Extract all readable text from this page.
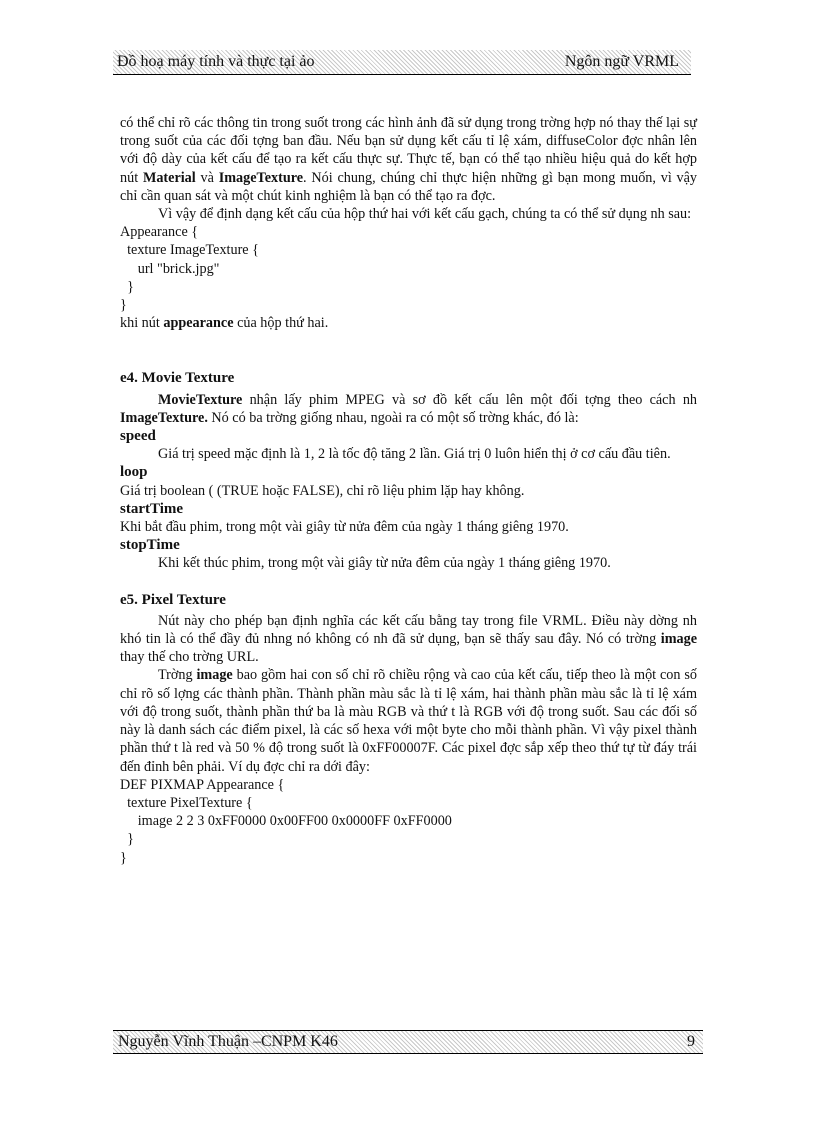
Đồ hoạ máy tính và thực tại ảo	Ngôn ngữ VRML

có thể chỉ rõ các thông tin trong suốt trong các hình ảnh đã sử dụng trong trờng hợp nó thay thế lại sự trong suốt của các đối tợng ban đầu. Nếu bạn sử dụng kết cấu tỉ lệ xám, diffuseColor đợc nhân lên với độ dày của kết cấu để tạo ra kết cấu thực sự. Thực tế, bạn có thể tạo nhiều hiệu quả do kết hợp nút Material và ImageTexture. Nói chung, chúng chỉ thực hiện những gì bạn mong muốn, vì vậy chỉ cần quan sát và một chút kinh nghiệm là bạn có thể tạo ra đợc.

Vì vậy để định dạng kết cấu của hộp thứ hai với kết cấu gạch, chúng ta có thể sử dụng nh sau:

Appearance {
texture ImageTexture {
url "brick.jpg"
}
}

khi nút appearance của hộp thứ hai.

e4. Movie Texture

MovieTexture nhận lấy phim MPEG và sơ đồ kết cấu lên một đối tợng theo cách nh ImageTexture. Nó có ba trờng giống nhau, ngoài ra có một số trờng khác, đó là:

speed

Giá trị speed mặc định là 1, 2 là tốc độ tăng 2 lần. Giá trị 0 luôn hiển thị ở cơ cấu đầu tiên.

loop

Giá trị boolean ( (TRUE hoặc FALSE), chỉ rõ liệu phim lặp hay không.

startTime

Khi bắt đầu phim, trong một vài giây từ nửa đêm của ngày 1 tháng giêng 1970.

stopTime

Khi kết thúc phim, trong một vài giây từ nửa đêm của ngày 1 tháng giêng 1970.

e5. Pixel Texture

Nút này cho phép bạn định nghĩa các kết cấu bằng tay trong file VRML. Điều này dờng nh khó tin là có thể đầy đủ nhng nó không có nh đã sử dụng, bạn sẽ thấy sau đây. Nó có trờng image thay thế cho trờng URL.

Trờng image bao gồm hai con số chỉ rõ chiều rộng và cao của kết cấu, tiếp theo là một con số chỉ rõ số lợng các thành phần. Thành phần màu sắc là tỉ lệ xám, hai thành phần màu sắc là tỉ lệ xám với độ trong suốt, thành phần thứ ba là màu RGB và thứ t là RGB với độ trong suốt. Sau các đối số này là danh sách các điểm pixel, là các số hexa với một byte cho mỗi thành phần. Vì vậy pixel thành phần thứ t là red và 50 % độ trong suốt là 0xFF00007F. Các pixel đợc sắp xếp theo thứ tự từ đáy trái đến đỉnh bên phải. Ví dụ đợc chỉ ra dới đây:

DEF PIXMAP Appearance {
texture PixelTexture {
image 2 2 3 0xFF0000 0x00FF00 0x0000FF 0xFF0000
}
}

Nguyễn Vĩnh Thuận –CNPM K46	9
